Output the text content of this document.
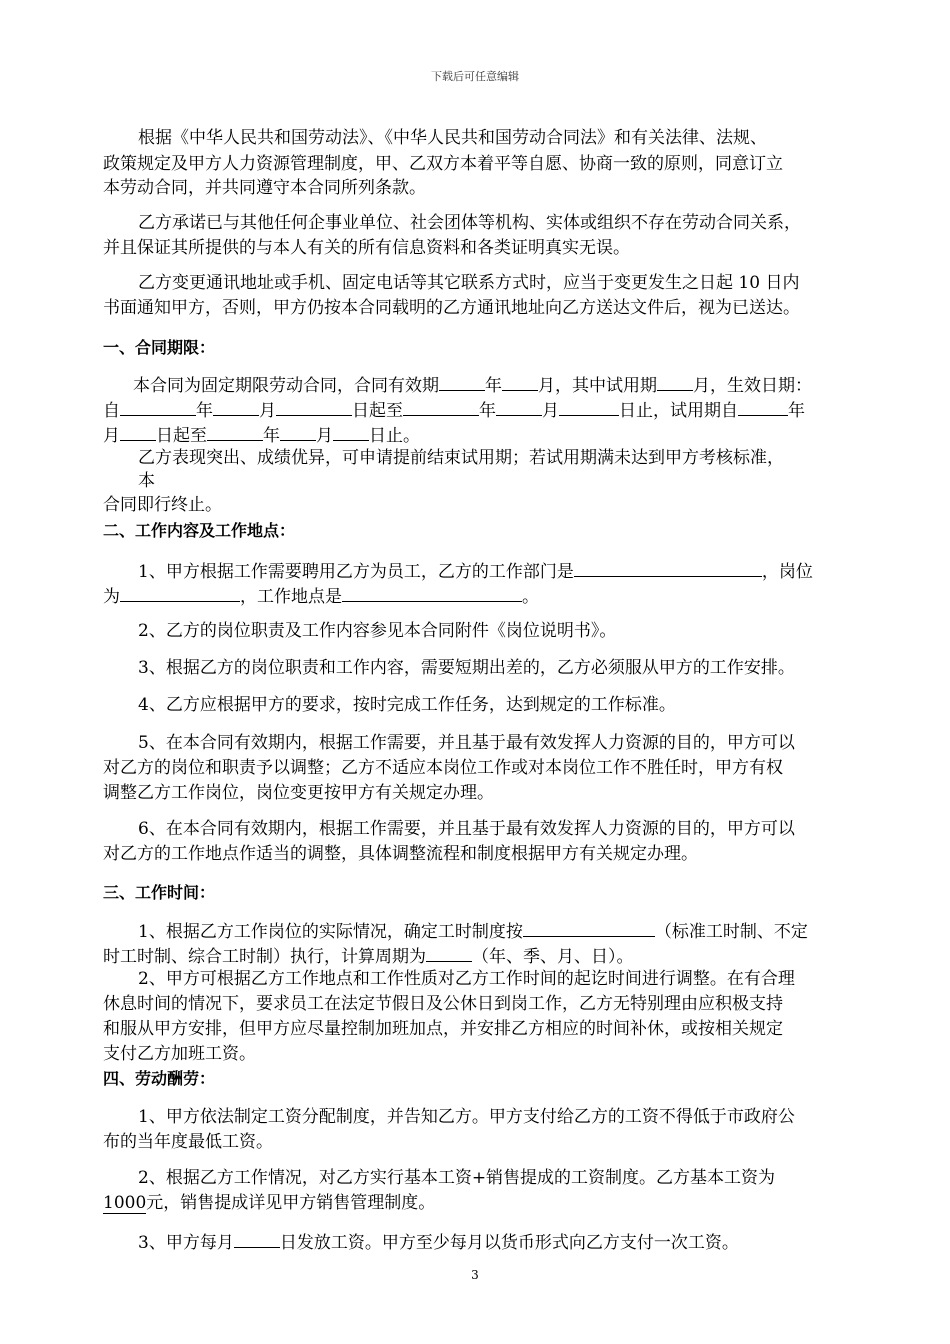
下载后可任意编辑
根据《中华人民共和国劳动法》、《中华人民共和国劳动合同法》和有关法律、法规、
政策规定及甲方人力资源管理制度，甲、乙双方本着平等自愿、协商一致的原则，同意订立
本劳动合同，并共同遵守本合同所列条款。
乙方承诺已与其他任何企事业单位、社会团体等机构、实体或组织不存在劳动合同关系，
并且保证其所提供的与本人有关的所有信息资料和各类证明真实无误。
乙方变更通讯地址或手机、固定电话等其它联系方式时，应当于变更发生之日起 10 日内
书面通知甲方，否则，甲方仍按本合同载明的乙方通讯地址向乙方送达文件后，视为已送达。
一、合同期限：
本合同为固定期限劳动合同，合同有效期	年 月，其中试用期 月，生效日期：
自	年	月	日起至	年	月	日止，试用期自	年
月 日起至	年 月 日止。
乙方表现突出、成绩优异，可申请提前结束试用期；若试用期满未达到甲方考核标准，
本
合同即行终止。
二、工作内容及工作地点：
1、甲方根据工作需要聘用乙方为员工，乙方的工作部门是	，岗位
为	，工作地点是	。
2、乙方的岗位职责及工作内容参见本合同附件《岗位说明书》。
3、根据乙方的岗位职责和工作内容，需要短期出差的，乙方必须服从甲方的工作安排。
4、乙方应根据甲方的要求，按时完成工作任务，达到规定的工作标准。
5、在本合同有效期内，根据工作需要，并且基于最有效发挥人力资源的目的，甲方可以
对乙方的岗位和职责予以调整；乙方不适应本岗位工作或对本岗位工作不胜任时，甲方有权
调整乙方工作岗位，岗位变更按甲方有关规定办理。
6、在本合同有效期内，根据工作需要，并且基于最有效发挥人力资源的目的，甲方可以
对乙方的工作地点作适当的调整，具体调整流程和制度根据甲方有关规定办理。
三、工作时间：
1、根据乙方工作岗位的实际情况，确定工时制度按	（标准工时制、不定
时工时制、综合工时制）执行，计算周期为	（年、季、月、日）。
2、甲方可根据乙方工作地点和工作性质对乙方工作时间的起讫时间进行调整。在有合理
休息时间的情况下，要求员工在法定节假日及公休日到岗工作，乙方无特别理由应积极支持
和服从甲方安排，但甲方应尽量控制加班加点，并安排乙方相应的时间补休，或按相关规定
支付乙方加班工资。
四、劳动酬劳：
1、甲方依法制定工资分配制度，并告知乙方。甲方支付给乙方的工资不得低于市政府公
布的当年度最低工资。
2、根据乙方工作情况，对乙方实行基本工资+销售提成的工资制度。乙方基本工资为
1000元，销售提成详见甲方销售管理制度。
3、甲方每月	日发放工资。甲方至少每月以货币形式向乙方支付一次工资。
3
